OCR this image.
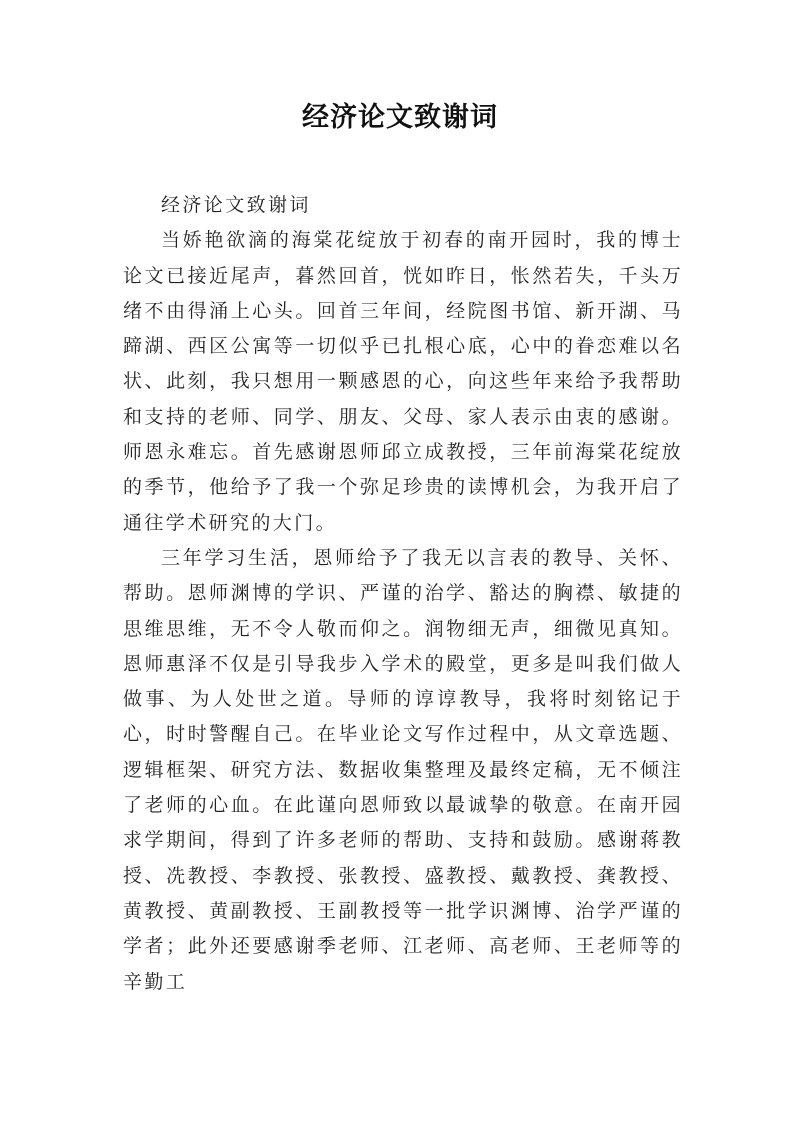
经济论文致谢词

经济论文致谢词

当娇艳欲滴的海棠花绽放于初春的南开园时，我的博士论文已接近尾声，暮然回首，恍如昨日，怅然若失，千头万绪不由得涌上心头。回首三年间，经院图书馆、新开湖、马蹄湖、西区公寓等一切似乎已扎根心底，心中的眷恋难以名状、此刻，我只想用一颗感恩的心，向这些年来给予我帮助和支持的老师、同学、朋友、父母、家人表示由衷的感谢。师恩永难忘。首先感谢恩师邱立成教授，三年前海棠花绽放的季节，他给予了我一个弥足珍贵的读博机会，为我开启了通往学术研究的大门。

三年学习生活，恩师给予了我无以言表的教导、关怀、帮助。恩师渊博的学识、严谨的治学、豁达的胸襟、敏捷的思维思维，无不令人敬而仰之。润物细无声，细微见真知。恩师惠泽不仅是引导我步入学术的殿堂，更多是叫我们做人做事、为人处世之道。导师的谆谆教导，我将时刻铭记于心，时时警醒自己。在毕业论文写作过程中，从文章选题、逻辑框架、研究方法、数据收集整理及最终定稿，无不倾注了老师的心血。在此谨向恩师致以最诚挚的敬意。在南开园求学期间，得到了许多老师的帮助、支持和鼓励。感谢蒋教授、冼教授、李教授、张教授、盛教授、戴教授、龚教授、黄教授、黄副教授、王副教授等一批学识渊博、治学严谨的学者；此外还要感谢季老师、江老师、高老师、王老师等的辛勤工
